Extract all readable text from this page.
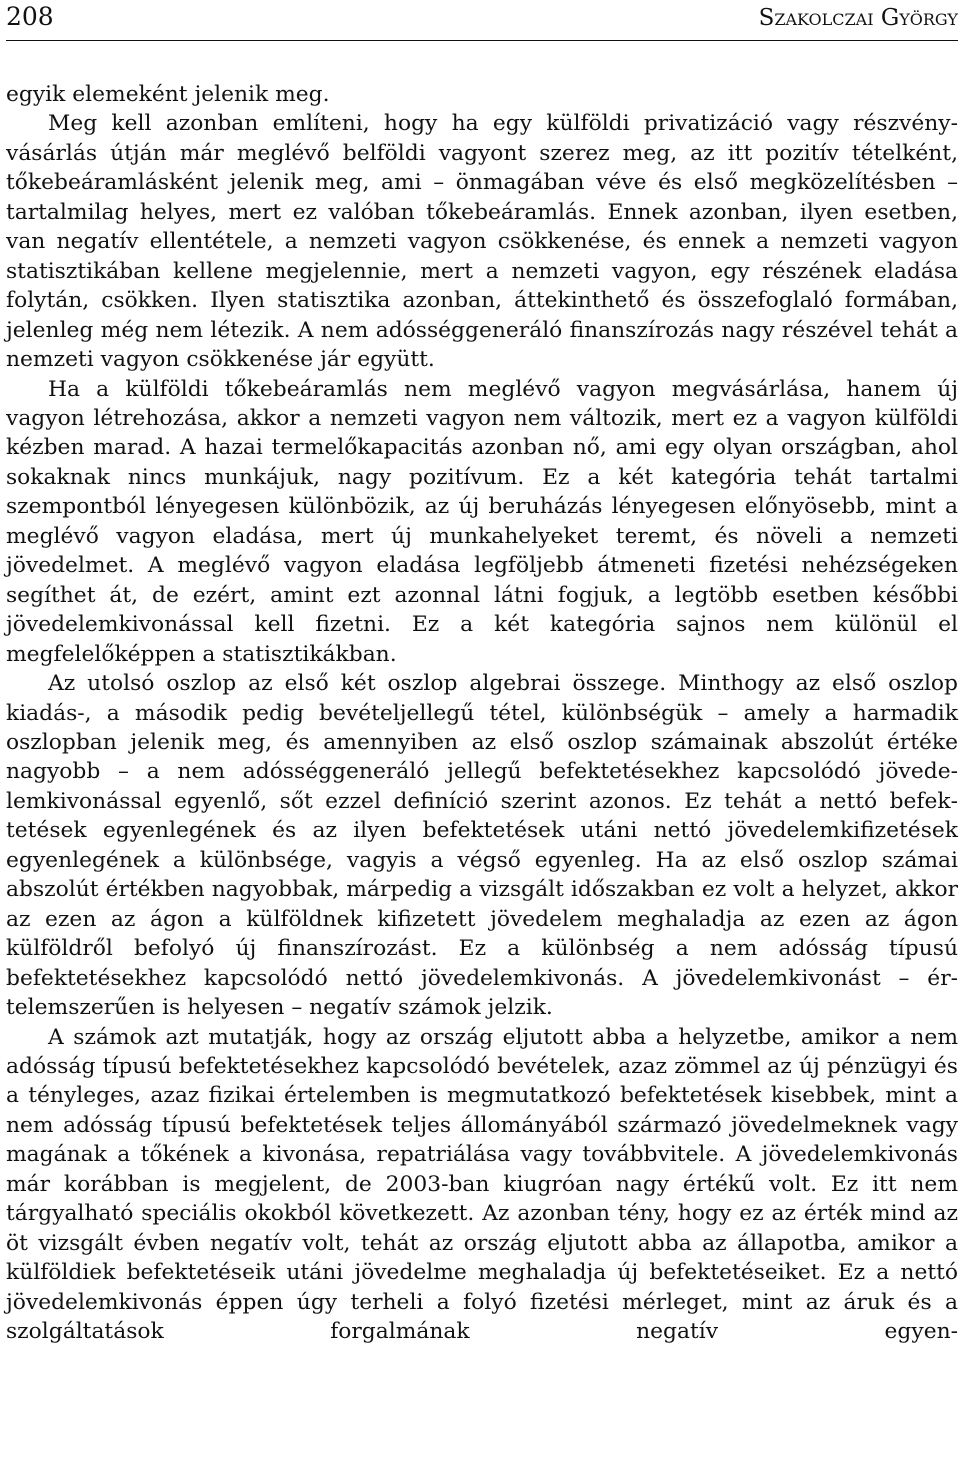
208	Szakolczai György

egyik elemeként jelenik meg.

Meg kell azonban említeni, hogy ha egy külföldi privatizáció vagy részvényvásárlás útján már meglévő belföldi vagyont szerez meg, az itt pozitív tételként, tőkebeáramlásként jelenik meg, ami – önmagában véve és első megközelítésben – tartalmilag helyes, mert ez valóban tőkebeáramlás. Ennek azonban, ilyen esetben, van negatív ellentétele, a nemzeti vagyon csökkenése, és ennek a nemzeti vagyon statisztikában kellene megjelennie, mert a nemzeti vagyon, egy részének eladása folytán, csökken. Ilyen statisztika azonban, áttekinthető és összefoglaló formában, jelenleg még nem létezik. A nem adósséggeneráló finanszírozás nagy részével tehát a nemzeti vagyon csökkenése jár együtt.

Ha a külföldi tőkebeáramlás nem meglévő vagyon megvásárlása, hanem új vagyon létrehozása, akkor a nemzeti vagyon nem változik, mert ez a vagyon külföldi kézben marad. A hazai termelőkapacitás azonban nő, ami egy olyan országban, ahol sokaknak nincs munkájuk, nagy pozitívum. Ez a két kategória tehát tartalmi szempontból lényegesen különbözik, az új beruházás lényegesen előnyösebb, mint a meglévő vagyon eladása, mert új munkahelyeket teremt, és növeli a nemzeti jövedelmet. A meglévő vagyon eladása legföljebb átmeneti fizetési nehézségeken segíthet át, de ezért, amint ezt azonnal látni fogjuk, a legtöbb esetben későbbi jövedelemkivonással kell fizetni. Ez a két kategória sajnos nem különül el megfelelőképpen a statisztikákban.

Az utolsó oszlop az első két oszlop algebrai összege. Minthogy az első oszlop kiadás-, a második pedig bevételjellegű tétel, különbségük – amely a harmadik oszlopban jelenik meg, és amennyiben az első oszlop számainak abszolút értéke nagyobb – a nem adósséggeneráló jellegű befektetésekhez kapcsolódó jövedelemkivonással egyenlő, sőt ezzel definíció szerint azonos. Ez tehát a nettó befektetések egyenlegének és az ilyen befektetések utáni nettó jövedelemkifizetések egyenlegének a különbsége, vagyis a végső egyenleg. Ha az első oszlop számai abszolút értékben nagyobbak, márpedig a vizsgált időszakban ez volt a helyzet, akkor az ezen az ágon a külföldnek kifizetett jövedelem meghaladja az ezen az ágon külföldről befolyó új finanszírozást. Ez a különbség a nem adósság típusú befektetésekhez kapcsolódó nettó jövedelemkivonás. A jövedelemkivonást – értelemszerűen is helyesen – negatív számok jelzik.

A számok azt mutatják, hogy az ország eljutott abba a helyzetbe, amikor a nem adósság típusú befektetésekhez kapcsolódó bevételek, azaz zömmel az új pénzügyi és a tényleges, azaz fizikai értelemben is megmutatkozó befektetések kisebbek, mint a nem adósság típusú befektetések teljes állományából származó jövedelmeknek vagy magának a tőkének a kivonása, repatriálása vagy továbbvitele. A jövedelemkivonás már korábban is megjelent, de 2003-ban kiugróan nagy értékű volt. Ez itt nem tárgyalható speciális okokból következett. Az azonban tény, hogy ez az érték mind az öt vizsgált évben negatív volt, tehát az ország eljutott abba az állapotba, amikor a külföldiek befektetéseik utáni jövedelme meghaladja új befektetéseiket. Ez a nettó jövedelemkivonás éppen úgy terheli a folyó fizetési mérleget, mint az áruk és a szolgáltatások forgalmának negatív egyen-
